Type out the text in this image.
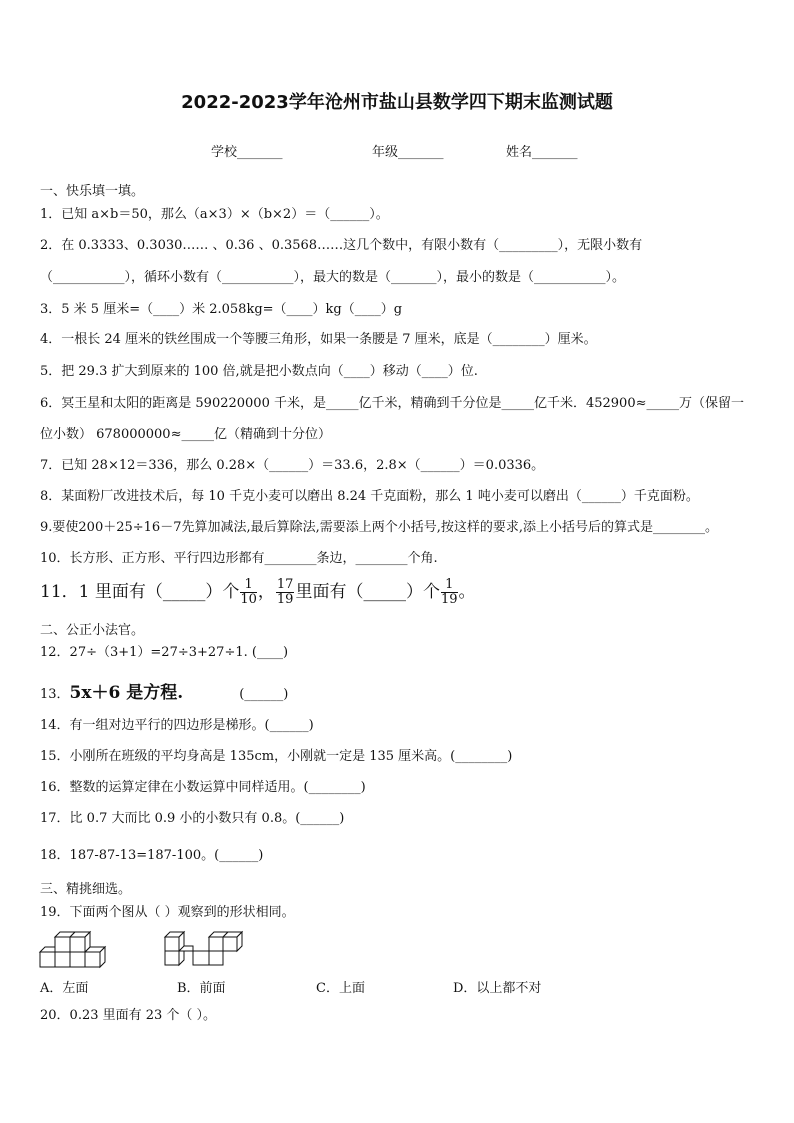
2022-2023学年沧州市盐山县数学四下期末监测试题
学校_______	年级_______	姓名_______
一、快乐填一填。
1．已知 a×b＝50，那么（a×3）×（b×2）＝（______）。
2．在 0.3333、0.3030…… 、0.36 、0.3568……这几个数中，有限小数有（_________），无限小数有
（___________），循环小数有（___________），最大的数是（_______），最小的数是（___________）。
3．5 米 5 厘米=（____）米 2.058kg=（____）kg（____）g
4．一根长 24 厘米的铁丝围成一个等腰三角形，如果一条腰是 7 厘米，底是（________）厘米。
5．把 29.3 扩大到原来的 100 倍,就是把小数点向（____）移动（____）位.
6．冥王星和太阳的距离是 590220000 千米，是_____亿千米，精确到千分位是_____亿千米．452900≈_____万（保留一
位小数） 678000000≈_____亿（精确到十分位）
7．已知 28×12＝336，那么 0.28×（______）＝33.6，2.8×（______）＝0.0336。
8．某面粉厂改进技术后，每 10 千克小麦可以磨出 8.24 千克面粉，那么 1 吨小麦可以磨出（______）千克面粉。
9.要使200＋25÷16－7先算加减法,最后算除法,需要添上两个小括号,按这样的要求,添上小括号后的算式是________。
10．长方形、正方形、平行四边形都有________条边，________个角.
11．1 里面有（_____）个 $\frac{1}{10}$ ， $\frac{17}{19}$ 里面有（_____）个 $\frac{1}{19}$ 。
二、公正小法官。
12．27÷（3+1）=27÷3+27÷1. (____)
13．5x＋6 是方程.	(______)
14．有一组对边平行的四边形是梯形。(______)
15．小刚所在班级的平均身高是 135cm，小刚就一定是 135 厘米高。(________)
16．整数的运算定律在小数运算中同样适用。(________)
17．比 0.7 大而比 0.9 小的小数只有 0.8。(______)
18．187-87-13=187-100。(______)
三、精挑细选。
19．下面两个图从（ ）观察到的形状相同。
A．左面	B．前面	C．上面	D．以上都不对
20．0.23 里面有 23 个（ ）。
